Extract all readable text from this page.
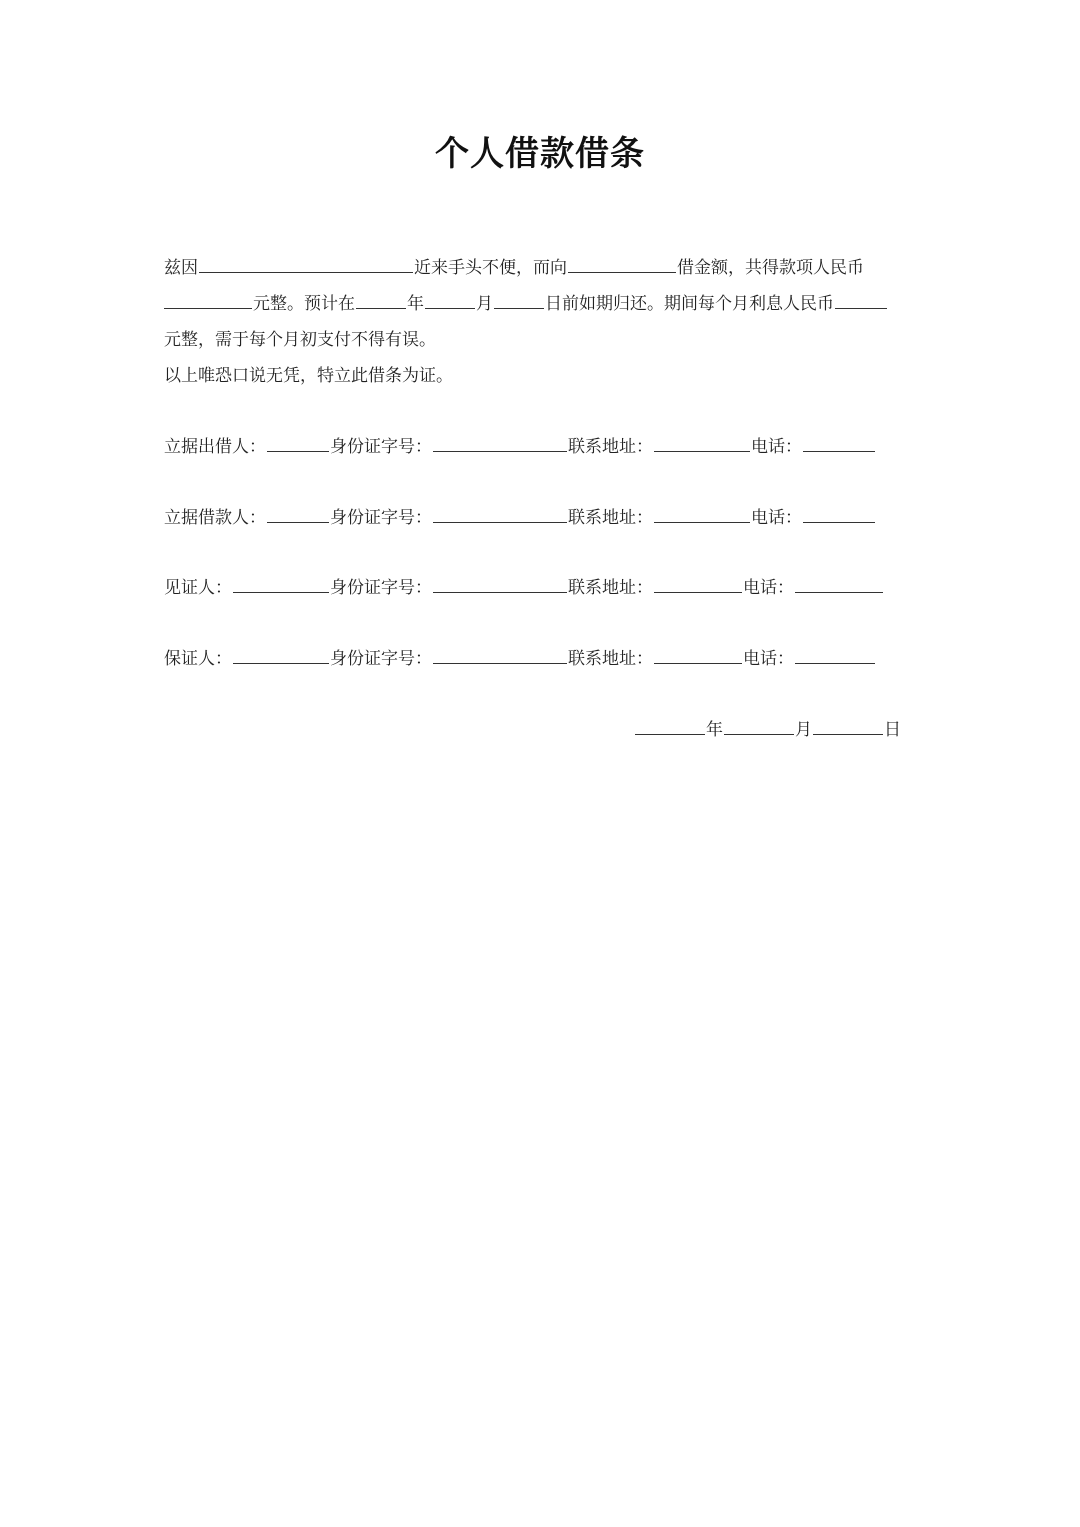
个人借款借条
兹因	近来手头不便，而向	借金额，共得款项人民币
元整。预计在	年	月	日前如期归还。期间每个月利息人民币
元整，需于每个月初支付不得有误。
以上唯恐口说无凭，特立此借条为证。
立据出借人：	身份证字号：	联系地址：	电话：
立据借款人：	身份证字号：	联系地址：	电话：
见证人：	身份证字号：	联系地址：	电话：
保证人：	身份证字号：	联系地址：	电话：
年	月	日
